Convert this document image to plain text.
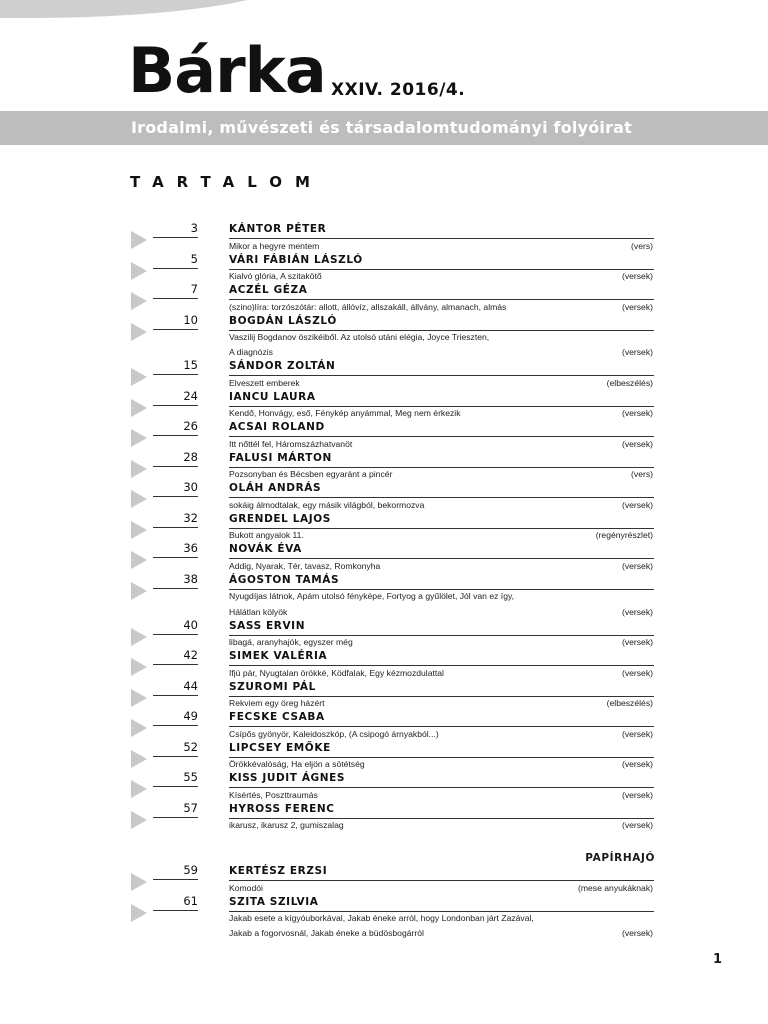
Bárka XXIV. 2016/4.
Irodalmi, művészeti és társadalomtudományi folyóirat
TARTALOM
3	KÁNTOR PÉTER
Mikor a hegyre mentem	(vers)
5	VÁRI FÁBIÁN LÁSZLÓ
Kialvó glória, A szitakötő	(versek)
7	ACZÉL GÉZA
(szino)líra: torzószótár: allott, állóvíz, allszakáll, állvány, almanach, almás	(versek)
10	BOGDÁN LÁSZLÓ
Vaszilij Bogdanov öszikéiből. Az utolsó utáni elégia, Joyce Trieszten,
A diagnózis	(versek)
15	SÁNDOR ZOLTÁN
Elveszett emberek	(elbeszélés)
24	IANCU LAURA
Kendő, Honvágy, eső, Fénykép anyámmal, Meg nem érkezik	(versek)
26	ACSAI ROLAND
Itt nőttél fel, Háromszázhatvanöt	(versek)
28	FALUSI MÁRTON
Pozsonyban és Bécsben egyaránt a pincér	(vers)
30	OLÁH ANDRÁS
sokáig álmodtalak, egy másik világból, bekormozva	(versek)
32	GRENDEL LAJOS
Bukott angyalok 11.	(regényrészlet)
36	NOVÁK ÉVA
Addig, Nyarak, Tér, tavasz, Romkonyha	(versek)
38	ÁGOSTON TAMÁS
Nyugdíjas látnok, Apám utolsó fényképe, Fortyog a gyűlölet, Jól van ez így,
Hálátlan kölyök	(versek)
40	SASS ERVIN
libagá, aranyhajók, egyszer még	(versek)
42	SIMEK VALÉRIA
Ifjú pár, Nyugtalan örökké, Ködfalak, Egy kézmozdulattal	(versek)
44	SZUROMI PÁL
Rekviem egy öreg házért	(elbeszélés)
49	FECSKE CSABA
Csípős gyönyör, Kaleidoszkóp, (A csipogó árnyakból...)	(versek)
52	LIPCSEY EMŐKE
Örökkévalóság, Ha eljön a sötétség	(versek)
55	KISS JUDIT ÁGNES
Kísértés, Poszttraumás	(versek)
57	HYROSS FERENC
ikarusz, ikarusz 2, gumiszalag	(versek)
59	KERTÉSZ ERZSI
Komodói	(mese anyukáknak)
61	SZITA SZILVIA
Jakab esete a kígyóuborkával, Jakab éneke arról, hogy Londonban járt Zazával,
Jakab a fogorvosnál, Jakab éneke a büdösbogárról	(versek)
PAPÍRHAJÓ
1
